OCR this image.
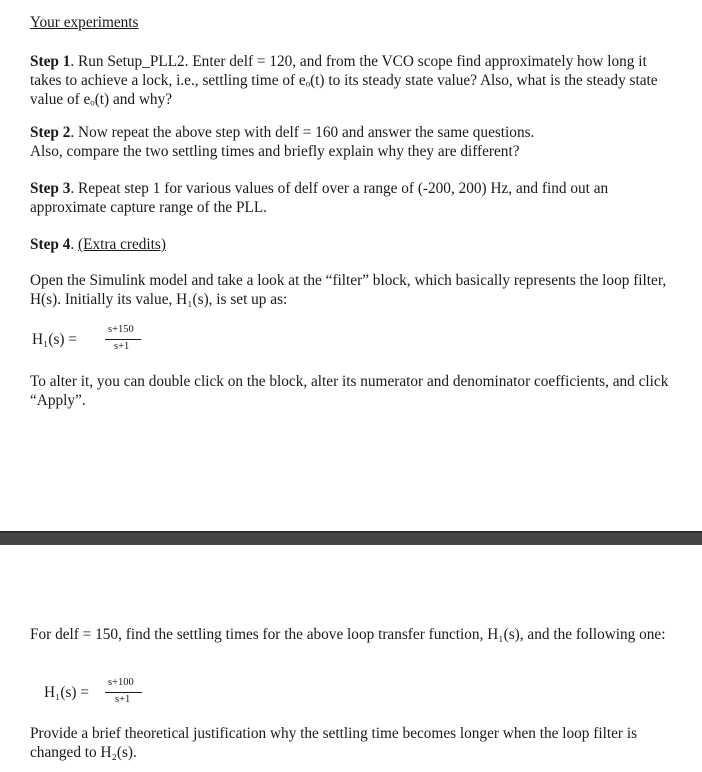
Your experiments
Step 1. Run Setup_PLL2. Enter delf = 120, and from the VCO scope find approximately how long it takes to achieve a lock, i.e., settling time of eₒ(t) to its steady state value? Also, what is the steady state value of eₒ(t) and why?
Step 2. Now repeat the above step with delf = 160 and answer the same questions.
Also, compare the two settling times and briefly explain why they are different?
Step 3. Repeat step 1 for various values of delf over a range of (-200, 200) Hz, and find out an approximate capture range of the PLL.
Step 4. (Extra credits)
Open the Simulink model and take a look at the “filter” block, which basically represents the loop filter, H(s). Initially its value, H₁(s), is set up as:
H₁(s) =
s+150
s+1
To alter it, you can double click on the block, alter its numerator and denominator coefficients, and click “Apply”.
For delf = 150, find the settling times for the above loop transfer function, H₁(s), and the following one:
H₁(s) =
s+100
s+1
Provide a brief theoretical justification why the settling time becomes longer when the loop filter is changed to H₂(s).
